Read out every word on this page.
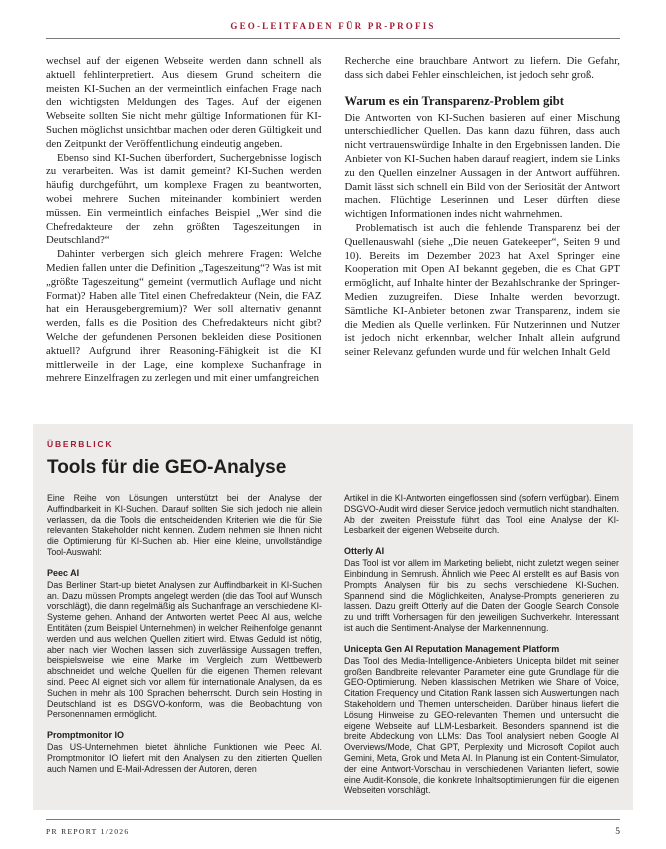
GEO-LEITFADEN FÜR PR-PROFIS

wechsel auf der eigenen Webseite werden dann schnell als aktuell fehlinterpretiert. Aus diesem Grund scheitern die meisten KI-Suchen an der vermeintlich einfachen Frage nach den wichtigsten Meldungen des Tages. Auf der eigenen Webseite sollten Sie nicht mehr gültige Informationen für KI-Suchen möglichst unsichtbar machen oder deren Gültigkeit und den Zeitpunkt der Veröffentlichung eindeutig angeben.

Ebenso sind KI-Suchen überfordert, Suchergebnisse logisch zu verarbeiten. Was ist damit gemeint? KI-Suchen werden häufig durchgeführt, um komplexe Fragen zu beantworten, wobei mehrere Suchen miteinander kombiniert werden müssen. Ein vermeintlich einfaches Beispiel „Wer sind die Chefredakteure der zehn größten Tageszeitungen in Deutschland?“

Dahinter verbergen sich gleich mehrere Fragen: Welche Medien fallen unter die Definition „Tageszeitung“? Was ist mit „größte Tageszeitung“ gemeint (vermutlich Auflage und nicht Format)? Haben alle Titel einen Chefredakteur (Nein, die FAZ hat ein Herausgebergremium)? Wer soll alternativ genannt werden, falls es die Position des Chefredakteurs nicht gibt? Welche der gefundenen Personen bekleiden diese Positionen aktuell? Aufgrund ihrer Reasoning-Fähigkeit ist die KI mittlerweile in der Lage, eine komplexe Suchanfrage in mehrere Einzelfragen zu zerlegen und mit einer umfangreichen

Recherche eine brauchbare Antwort zu liefern. Die Gefahr, dass sich dabei Fehler einschleichen, ist jedoch sehr groß.

Warum es ein Transparenz-Problem gibt

Die Antworten von KI-Suchen basieren auf einer Mischung unterschiedlicher Quellen. Das kann dazu führen, dass auch nicht vertrauenswürdige Inhalte in den Ergebnissen landen. Die Anbieter von KI-Suchen haben darauf reagiert, indem sie Links zu den Quellen einzelner Aussagen in der Antwort aufführen. Damit lässt sich schnell ein Bild von der Seriosität der Antwort machen. Flüchtige Leserinnen und Leser dürften diese wichtigen Informationen indes nicht wahrnehmen.

Problematisch ist auch die fehlende Transparenz bei der Quellenauswahl (siehe „Die neuen Gatekeeper“, Seiten 9 und 10). Bereits im Dezember 2023 hat Axel Springer eine Kooperation mit Open AI bekannt gegeben, die es Chat GPT ermöglicht, auf Inhalte hinter der Bezahlschranke der Springer-Medien zuzugreifen. Diese Inhalte werden bevorzugt. Sämtliche KI-Anbieter betonen zwar Transparenz, indem sie die Medien als Quelle verlinken. Für Nutzerinnen und Nutzer ist jedoch nicht erkennbar, welcher Inhalt allein aufgrund seiner Relevanz gefunden wurde und für welchen Inhalt Geld

ÜBERBLICK
Tools für die GEO-Analyse

Eine Reihe von Lösungen unterstützt bei der Analyse der Auffindbarkeit in KI-Suchen. Darauf sollten Sie sich jedoch nie allein verlassen, da die Tools die entscheidenden Kriterien wie die für Sie relevanten Stakeholder nicht kennen. Zudem nehmen sie Ihnen nicht die Optimierung für KI-Suchen ab. Hier eine kleine, unvollständige Tool-Auswahl:

Peec AI

Das Berliner Start-up bietet Analysen zur Auffindbarkeit in KI-Suchen an. Dazu müssen Prompts angelegt werden (die das Tool auf Wunsch vorschlägt), die dann regelmäßig als Suchanfrage an verschiedene KI-Systeme gehen. Anhand der Antworten wertet Peec AI aus, welche Entitäten (zum Beispiel Unternehmen) in welcher Reihenfolge genannt werden und aus welchen Quellen zitiert wird. Etwas Geduld ist nötig, aber nach vier Wochen lassen sich zuverlässige Aussagen treffen, beispielsweise wie eine Marke im Vergleich zum Wettbewerb abschneidet und welche Quellen für die eigenen Themen relevant sind. Peec AI eignet sich vor allem für internationale Analysen, da es Suchen in mehr als 100 Sprachen beherrscht. Durch sein Hosting in Deutschland ist es DSGVO-konform, was die Beobachtung von Personennamen ermöglicht.

Promptmonitor IO

Das US-Unternehmen bietet ähnliche Funktionen wie Peec AI. Promptmonitor IO liefert mit den Analysen zu den zitierten Quellen auch Namen und E-Mail-Adressen der Autoren, deren

Artikel in die KI-Antworten eingeflossen sind (sofern verfügbar). Einem DSGVO-Audit wird dieser Service jedoch vermutlich nicht standhalten. Ab der zweiten Preisstufe führt das Tool eine Analyse der KI-Lesbarkeit der eigenen Webseite durch.

Otterly AI

Das Tool ist vor allem im Marketing beliebt, nicht zuletzt wegen seiner Einbindung in Semrush. Ähnlich wie Peec AI erstellt es auf Basis von Prompts Analysen für bis zu sechs verschiedene KI-Suchen. Spannend sind die Möglichkeiten, Analyse-Prompts generieren zu lassen. Dazu greift Otterly auf die Daten der Google Search Console zu und trifft Vorhersagen für den jeweiligen Suchverkehr. Interessant ist auch die Sentiment-Analyse der Markennennung.

Unicepta Gen AI Reputation Management Platform

Das Tool des Media-Intelligence-Anbieters Unicepta bildet mit seiner großen Bandbreite relevanter Parameter eine gute Grundlage für die GEO-Optimierung. Neben klassischen Metriken wie Share of Voice, Citation Frequency und Citation Rank lassen sich Auswertungen nach Stakeholdern und Themen unterscheiden. Darüber hinaus liefert die Lösung Hinweise zu GEO-relevanten Themen und untersucht die eigene Webseite auf LLM-Lesbarkeit. Besonders spannend ist die breite Abdeckung von LLMs: Das Tool analysiert neben Google AI Overviews/Mode, Chat GPT, Perplexity und Microsoft Copilot auch Gemini, Meta, Grok und Meta AI. In Planung ist ein Content-Simulator, der eine Antwort-Vorschau in verschiedenen Varianten liefert, sowie eine Audit-Konsole, die konkrete Inhaltsoptimierungen für die eigenen Webseiten vorschlägt.

PR REPORT 1/2026	5
